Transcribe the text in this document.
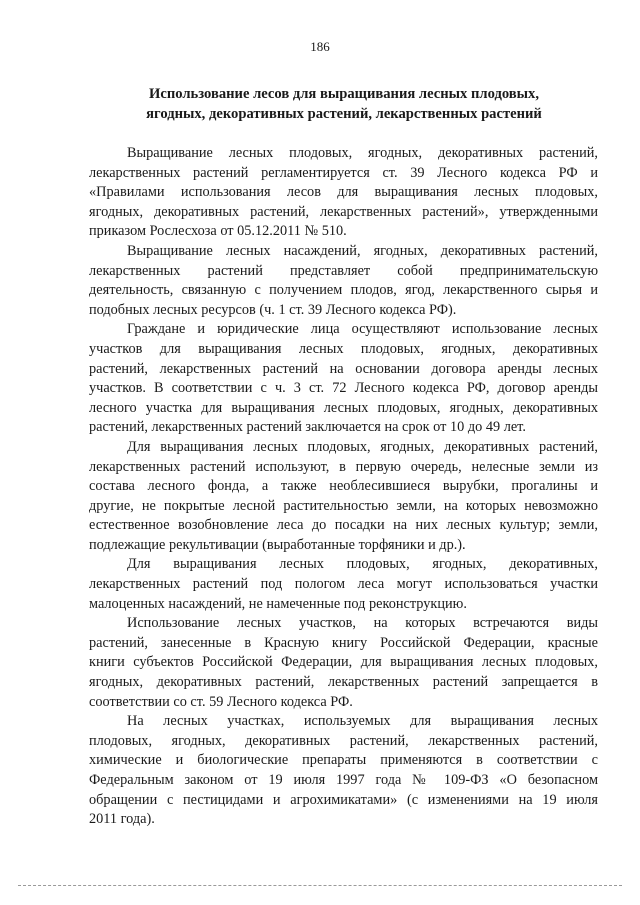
186
Использование лесов для выращивания лесных плодовых,
ягодных, декоративных растений, лекарственных растений
Выращивание лесных плодовых, ягодных, декоративных растений,
лекарственных растений регламентируется ст. 39 Лесного кодекса РФ и
«Правилами использования лесов для выращивания лесных плодовых,
ягодных, декоративных растений, лекарственных растений», утвержденными
приказом Рослесхоза от 05.12.2011 № 510.
Выращивание лесных насаждений, ягодных, декоративных растений,
лекарственных растений представляет собой предпринимательскую
деятельность, связанную с получением плодов, ягод, лекарственного сырья и
подобных лесных ресурсов (ч. 1 ст. 39 Лесного кодекса РФ).
Граждане и юридические лица осуществляют использование лесных
участков для выращивания лесных плодовых, ягодных, декоративных
растений, лекарственных растений на основании договора аренды лесных
участков. В соответствии с ч. 3 ст. 72 Лесного кодекса РФ, договор аренды
лесного участка для выращивания лесных плодовых, ягодных, декоративных
растений, лекарственных растений заключается на срок от 10 до 49 лет.
Для выращивания лесных плодовых, ягодных, декоративных растений,
лекарственных растений используют, в первую очередь, нелесные земли из
состава лесного фонда, а также необлесившиеся вырубки, прогалины и
другие, не покрытые лесной растительностью земли, на которых невозможно
естественное возобновление леса до посадки на них лесных культур; земли,
подлежащие рекультивации (выработанные торфяники и др.).
Для выращивания лесных плодовых, ягодных, декоративных,
лекарственных растений под пологом леса могут использоваться участки
малоценных насаждений, не намеченные под реконструкцию.
Использование лесных участков, на которых встречаются виды
растений, занесенные в Красную книгу Российской Федерации, красные
книги субъектов Российской Федерации, для выращивания лесных плодовых,
ягодных, декоративных растений, лекарственных растений запрещается в
соответствии со ст. 59 Лесного кодекса РФ.
На лесных участках, используемых для выращивания лесных
плодовых, ягодных, декоративных растений, лекарственных растений,
химические и биологические препараты применяются в соответствии с
Федеральным законом от 19 июля 1997 года № 109-ФЗ «О безопасном
обращении с пестицидами и агрохимикатами» (с изменениями на 19 июля
2011 года).
